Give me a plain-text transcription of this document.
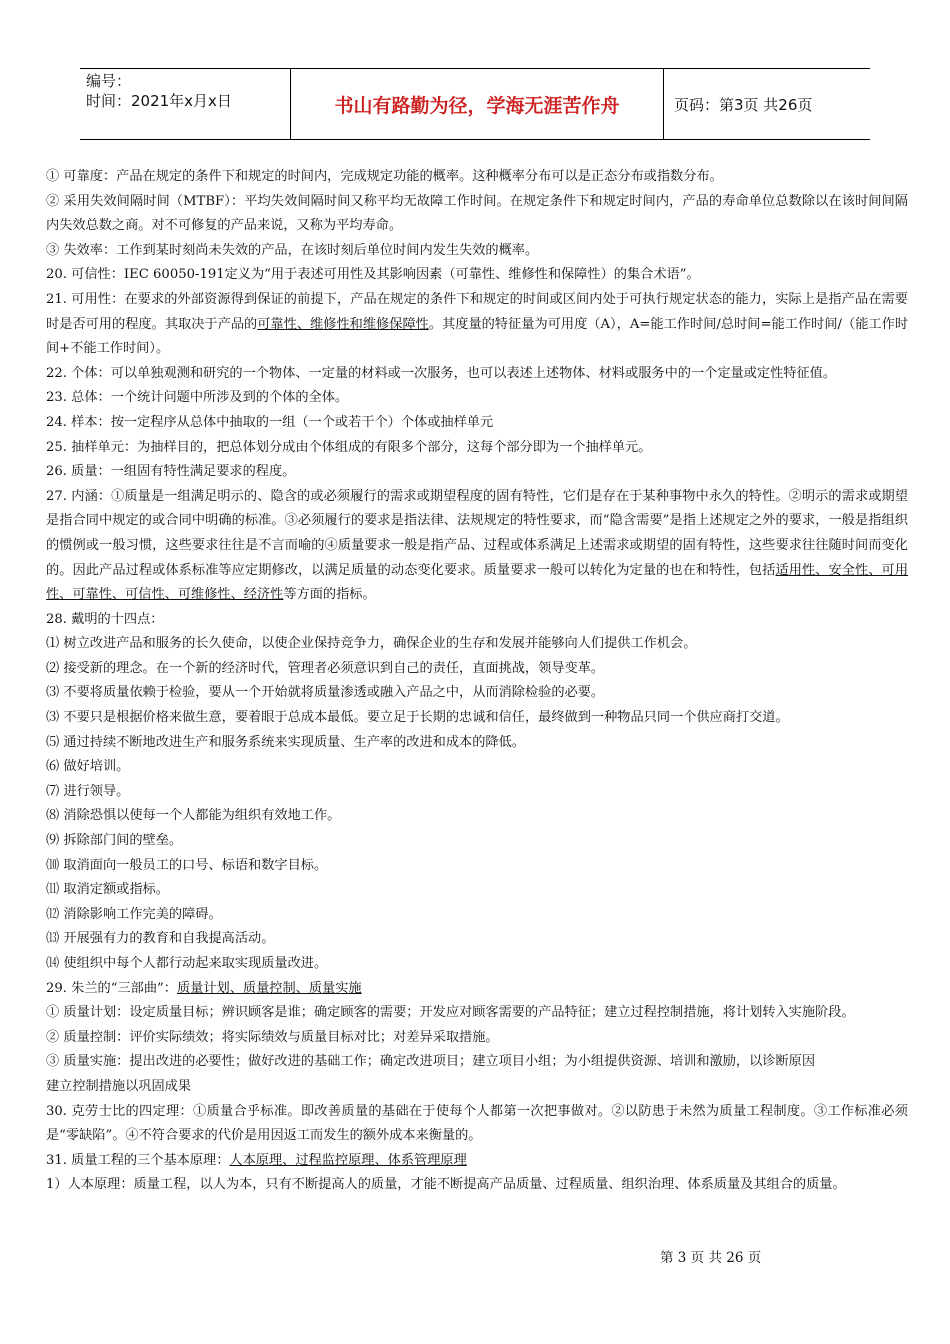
编号：
时间：2021年x月x日	书山有路勤为径，学海无涯苦作舟	页码：第3页 共26页

① 可靠度：产品在规定的条件下和规定的时间内，完成规定功能的概率。这种概率分布可以是正态分布或指数分布。

② 采用失效间隔时间（MTBF）：平均失效间隔时间又称平均无故障工作时间。在规定条件下和规定时间内，产品的寿命单位总数除以在该时间间隔内失效总数之商。对不可修复的产品来说，又称为平均寿命。

③ 失效率：工作到某时刻尚未失效的产品，在该时刻后单位时间内发生失效的概率。

20. 可信性：IEC 60050-191定义为“用于表述可用性及其影响因素（可靠性、维修性和保障性）的集合术语”。

21. 可用性：在要求的外部资源得到保证的前提下，产品在规定的条件下和规定的时间或区间内处于可执行规定状态的能力，实际上是指产品在需要时是否可用的程度。其取决于产品的可靠性、维修性和维修保障性。其度量的特征量为可用度（A），A=能工作时间/总时间=能工作时间/（能工作时间+不能工作时间）。

22. 个体：可以单独观测和研究的一个物体、一定量的材料或一次服务，也可以表述上述物体、材料或服务中的一个定量或定性特征值。

23. 总体：一个统计问题中所涉及到的个体的全体。

24. 样本：按一定程序从总体中抽取的一组（一个或若干个）个体或抽样单元

25. 抽样单元：为抽样目的，把总体划分成由个体组成的有限多个部分，这每个部分即为一个抽样单元。

26. 质量：一组固有特性满足要求的程度。

27. 内涵：①质量是一组满足明示的、隐含的或必须履行的需求或期望程度的固有特性，它们是存在于某种事物中永久的特性。②明示的需求或期望是指合同中规定的或合同中明确的标准。③必须履行的要求是指法律、法规规定的特性要求，而“隐含需要”是指上述规定之外的要求，一般是指组织的惯例或一般习惯，这些要求往往是不言而喻的④质量要求一般是指产品、过程或体系满足上述需求或期望的固有特性，这些要求往往随时间而变化的。因此产品过程或体系标准等应定期修改，以满足质量的动态变化要求。质量要求一般可以转化为定量的也在和特性，包括适用性、安全性、可用性、可靠性、可信性、可维修性、经济性等方面的指标。

28. 戴明的十四点：

⑴ 树立改进产品和服务的长久使命，以使企业保持竞争力，确保企业的生存和发展并能够向人们提供工作机会。

⑵ 接受新的理念。在一个新的经济时代，管理者必须意识到自己的责任，直面挑战，领导变革。

⑶ 不要将质量依赖于检验，要从一个开始就将质量渗透或融入产品之中，从而消除检验的必要。

⑶ 不要只是根据价格来做生意，要着眼于总成本最低。要立足于长期的忠诚和信任，最终做到一种物品只同一个供应商打交道。

⑸ 通过持续不断地改进生产和服务系统来实现质量、生产率的改进和成本的降低。

⑹ 做好培训。

⑺ 进行领导。

⑻ 消除恐惧以使每一个人都能为组织有效地工作。

⑼ 拆除部门间的壁垒。

⑽ 取消面向一般员工的口号、标语和数字目标。

⑾ 取消定额或指标。

⑿ 消除影响工作完美的障碍。

⒀ 开展强有力的教育和自我提高活动。

⒁ 使组织中每个人都行动起来取实现质量改进。

29. 朱兰的“三部曲”：质量计划、质量控制、质量实施

① 质量计划：设定质量目标；辨识顾客是谁；确定顾客的需要；开发应对顾客需要的产品特征；建立过程控制措施，将计划转入实施阶段。

② 质量控制：评价实际绩效；将实际绩效与质量目标对比；对差异采取措施。

③ 质量实施：提出改进的必要性；做好改进的基础工作；确定改进项目；建立项目小组；为小组提供资源、培训和激励，以诊断原因

建立控制措施以巩固成果

30. 克劳士比的四定理：①质量合乎标准。即改善质量的基础在于使每个人都第一次把事做对。②以防患于未然为质量工程制度。③工作标准必须是“零缺陷”。④不符合要求的代价是用因返工而发生的额外成本来衡量的。

31. 质量工程的三个基本原理：人本原理、过程监控原理、体系管理原理

1）人本原理：质量工程，以人为本，只有不断提高人的质量，才能不断提高产品质量、过程质量、组织治理、体系质量及其组合的质量。

第 3 页 共 26 页
